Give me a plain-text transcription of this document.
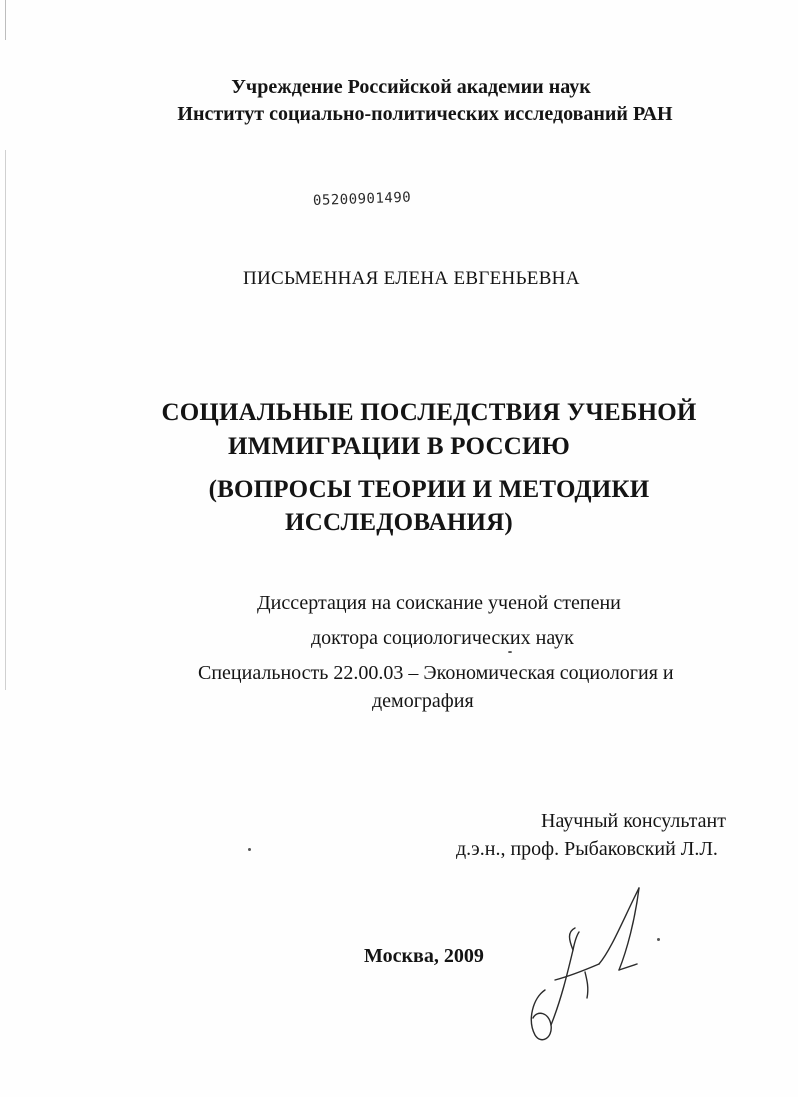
Учреждение Российской академии наук
Институт социально-политических исследований РАН
05200901490
ПИСЬМЕННАЯ ЕЛЕНА ЕВГЕНЬЕВНА
СОЦИАЛЬНЫЕ ПОСЛЕДСТВИЯ УЧЕБНОЙ
ИММИГРАЦИИ В РОССИЮ
(ВОПРОСЫ ТЕОРИИ И МЕТОДИКИ
ИССЛЕДОВАНИЯ)
Диссертация на соискание ученой степени
доктора социологических наук
Специальность 22.00.03 – Экономическая социология и
демография
Научный консультант
д.э.н., проф. Рыбаковский Л.Л.
Москва, 2009
